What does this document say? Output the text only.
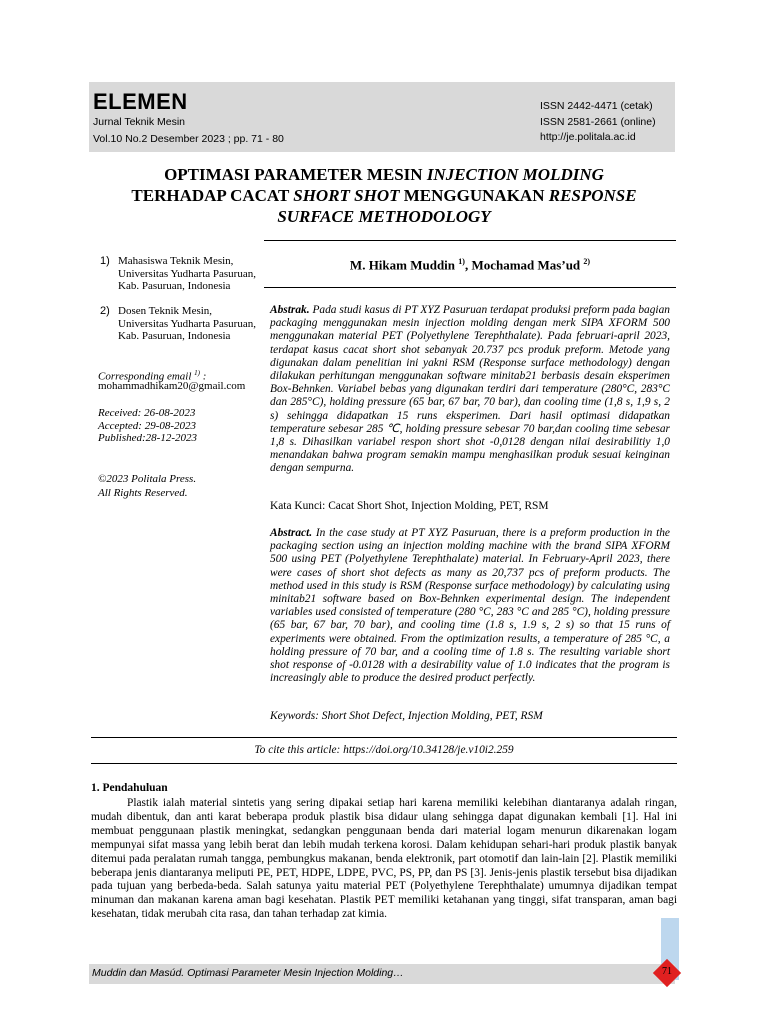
ELEMEN
Jurnal Teknik Mesin
Vol.10 No.2 Desember 2023 ; pp. 71 - 80
ISSN 2442-4471 (cetak)
ISSN 2581-2661 (online)
http://je.politala.ac.id
OPTIMASI PARAMETER MESIN INJECTION MOLDING
TERHADAP CACAT SHORT SHOT MENGGUNAKAN RESPONSE
SURFACE METHODOLOGY
1) Mahasiswa Teknik Mesin, Universitas Yudharta Pasuruan, Kab. Pasuruan, Indonesia
2) Dosen Teknik Mesin, Universitas Yudharta Pasuruan, Kab. Pasuruan, Indonesia
Corresponding email $^{1)}$ :
mohammadhikam20@gmail.com
Received: 26-08-2023
Accepted: 29-08-2023
Published:28-12-2023
©2023 Politala Press.
All Rights Reserved.
M. Hikam Muddin $^{1)}$, Mochamad Mas’ud $^{2)}$
Abstrak. Pada studi kasus di PT XYZ Pasuruan terdapat produksi preform pada bagian packaging menggunakan mesin injection molding dengan merk SIPA XFORM 500 menggunakan material PET (Polyethylene Terephthalate). Pada februari-april 2023, terdapat kasus cacat short shot sebanyak 20.737 pcs produk preform. Metode yang digunakan dalam penelitian ini yakni RSM (Response surface methodology) dengan dilakukan perhitungan menggunakan software minitab21 berbasis desain eksperimen Box-Behnken. Variabel bebas yang digunakan terdiri dari temperature (280°C, 283°C dan 285°C), holding pressure (65 bar, 67 bar, 70 bar), dan cooling time (1,8 s, 1,9 s, 2 s) sehingga didapatkan 15 runs eksperimen. Dari hasil optimasi didapatkan temperature sebesar 285 ℃, holding pressure sebesar 70 bar,dan cooling time sebesar 1,8 s. Dihasilkan variabel respon short shot -0,0128 dengan nilai desirabilitiy 1,0 menandakan bahwa program semakin mampu menghasilkan produk sesuai keinginan dengan sempurna.
Kata Kunci: Cacat Short Shot, Injection Molding, PET, RSM
Abstract. In the case study at PT XYZ Pasuruan, there is a preform production in the packaging section using an injection molding machine with the brand SIPA XFORM 500 using PET (Polyethylene Terephthalate) material. In February-April 2023, there were cases of short shot defects as many as 20,737 pcs of preform products. The method used in this study is RSM (Response surface methodology) by calculating using minitab21 software based on Box-Behnken experimental design. The independent variables used consisted of temperature (280 °C, 283 °C and 285 °C), holding pressure (65 bar, 67 bar, 70 bar), and cooling time (1.8 s, 1.9 s, 2 s) so that 15 runs of experiments were obtained. From the optimization results, a temperature of 285 °C, a holding pressure of 70 bar, and a cooling time of 1.8 s. The resulting variable short shot response of -0.0128 with a desirability value of 1.0 indicates that the program is increasingly able to produce the desired product perfectly.
Keywords: Short Shot Defect, Injection Molding, PET, RSM
To cite this article: https://doi.org/10.34128/je.v10i2.259
1. Pendahuluan

Plastik ialah material sintetis yang sering dipakai setiap hari karena memiliki kelebihan diantaranya adalah ringan, mudah dibentuk, dan anti karat beberapa produk plastik bisa didaur ulang sehingga dapat digunakan kembali [1]. Hal ini membuat penggunaan plastik meningkat, sedangkan penggunaan benda dari material logam menurun dikarenakan logam mempunyai sifat massa yang lebih berat dan lebih mudah terkena korosi. Dalam kehidupan sehari-hari produk plastik banyak ditemui pada peralatan rumah tangga, pembungkus makanan, benda elektronik, part otomotif dan lain-lain [2]. Plastik memiliki beberapa jenis diantaranya meliputi PE, PET, HDPE, LDPE, PVC, PS, PP, dan PS [3]. Jenis-jenis plastik tersebut bisa dijadikan pada tujuan yang berbeda-beda. Salah satunya yaitu material PET (Polyethylene Terephthalate) umumnya dijadikan tempat minuman dan makanan karena aman bagi kesehatan. Plastik PET memiliki ketahanan yang tinggi, sifat transparan, aman bagi kesehatan, tidak merubah cita rasa, dan tahan terhadap zat kimia.

Muddin dan Masúd. Optimasi Parameter Mesin Injection Molding…	71
